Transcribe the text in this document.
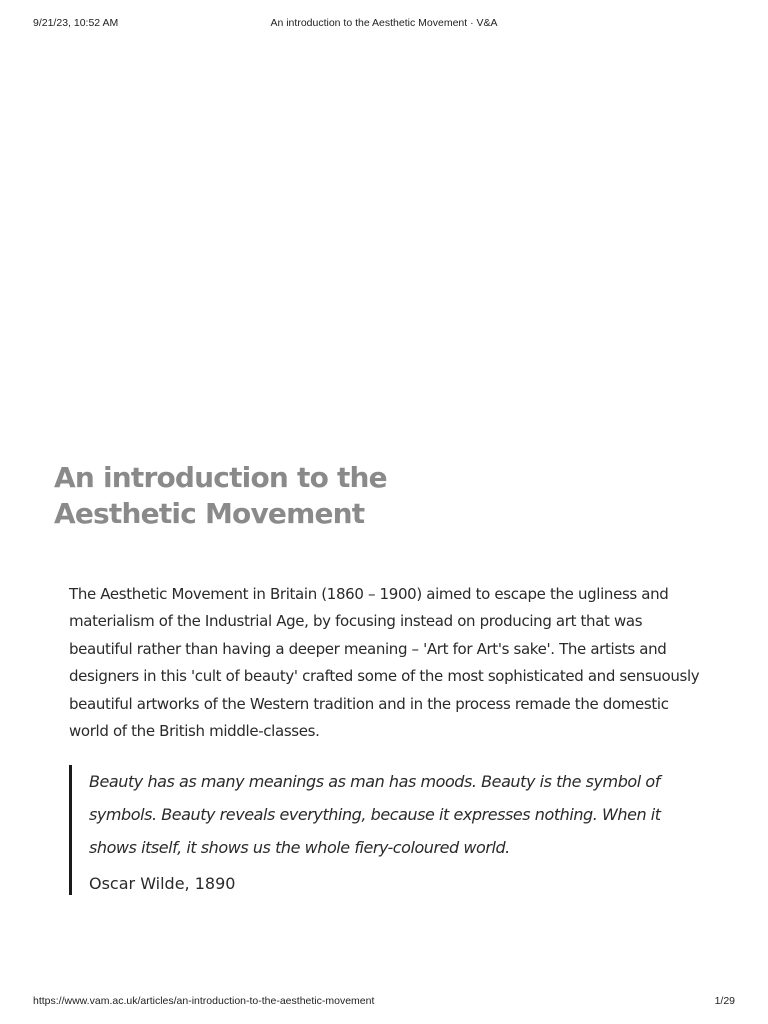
9/21/23, 10:52 AM	An introduction to the Aesthetic Movement · V&A
An introduction to the
Aesthetic Movement

The Aesthetic Movement in Britain (1860 – 1900) aimed to escape the ugliness and materialism of the Industrial Age, by focusing instead on producing art that was beautiful rather than having a deeper meaning – 'Art for Art's sake'. The artists and designers in this 'cult of beauty' crafted some of the most sophisticated and sensuously beautiful artworks of the Western tradition and in the process remade the domestic world of the British middle-classes.

Beauty has as many meanings as man has moods. Beauty is the symbol of symbols. Beauty reveals everything, because it expresses nothing. When it shows itself, it shows us the whole fiery-coloured world.

Oscar Wilde, 1890
https://www.vam.ac.uk/articles/an-introduction-to-the-aesthetic-movement	1/29
